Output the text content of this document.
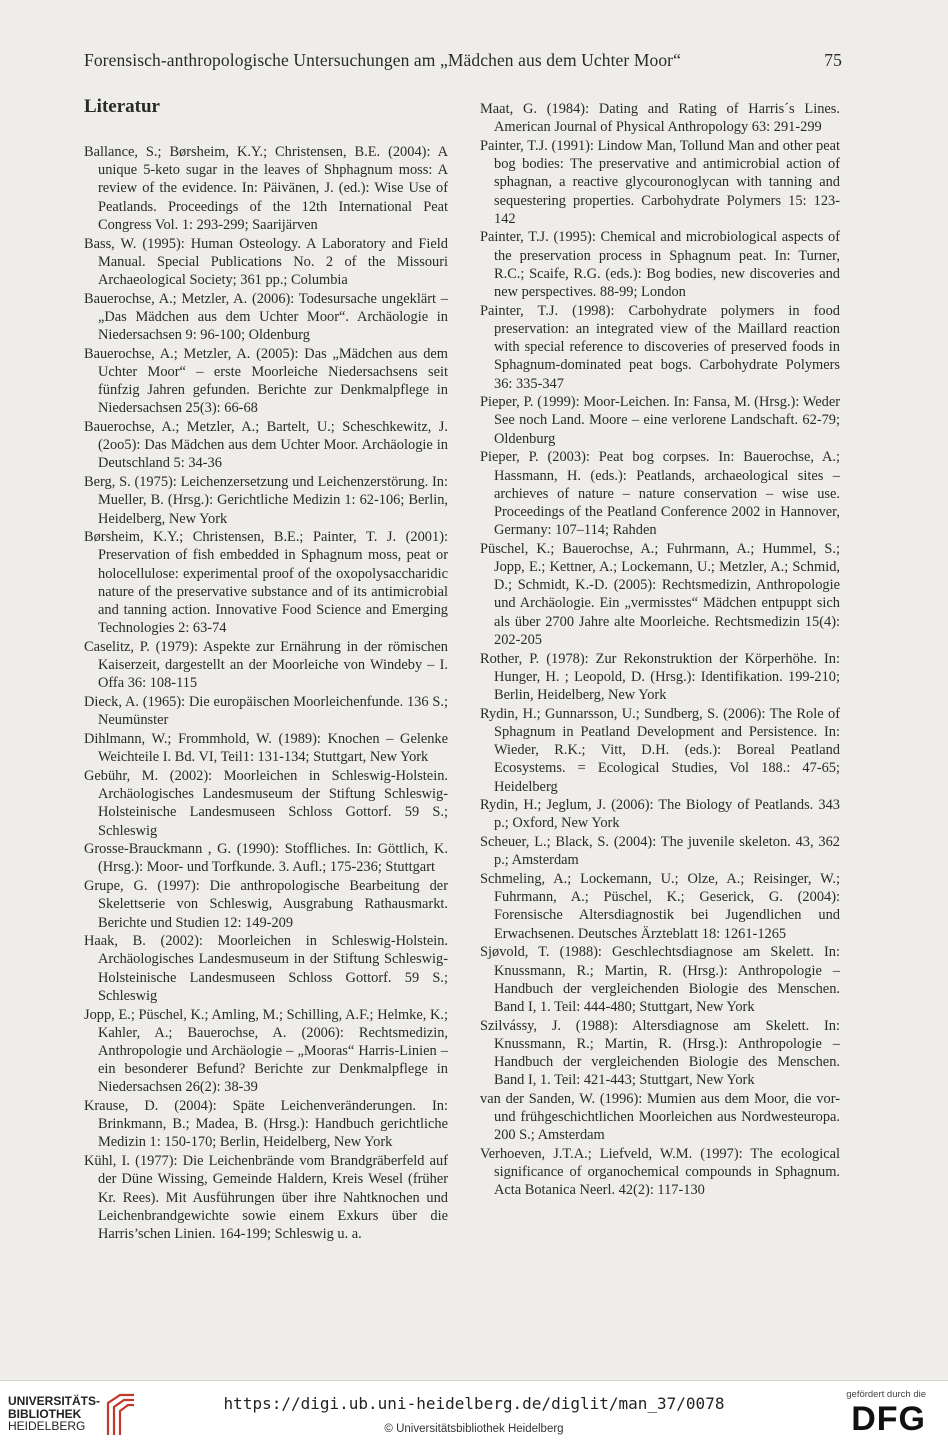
Forensisch-anthropologische Untersuchungen am „Mädchen aus dem Uchter Moor“	75
Literatur

Ballance, S.; Børsheim, K.Y.; Christensen, B.E. (2004): A unique 5-keto sugar in the leaves of Shphagnum moss: A review of the evidence. In: Päivänen, J. (ed.): Wise Use of Peatlands. Proceedings of the 12th International Peat Congress Vol. 1: 293-299; Saarijärven

Bass, W. (1995): Human Osteology. A Laboratory and Field Manual. Special Publications No. 2 of the Missouri Archaeological Society; 361 pp.; Columbia

Bauerochse, A.; Metzler, A. (2006): Todesursache ungeklärt – „Das Mädchen aus dem Uchter Moor“. Archäologie in Niedersachsen 9: 96-100; Oldenburg

Bauerochse, A.; Metzler, A. (2005): Das „Mädchen aus dem Uchter Moor“ – erste Moorleiche Niedersachsens seit fünfzig Jahren gefunden. Berichte zur Denkmalpflege in Niedersachsen 25(3): 66-68

Bauerochse, A.; Metzler, A.; Bartelt, U.; Scheschkewitz, J. (2oo5): Das Mädchen aus dem Uchter Moor. Archäologie in Deutschland 5: 34-36

Berg, S. (1975): Leichenzersetzung und Leichenzerstörung. In: Mueller, B. (Hrsg.): Gerichtliche Medizin 1: 62-106; Berlin, Heidelberg, New York

Børsheim, K.Y.; Christensen, B.E.; Painter, T. J. (2001): Preservation of fish embedded in Sphagnum moss, peat or holocellulose: experimental proof of the oxopolysaccharidic nature of the preservative substance and of its antimicrobial and tanning action. Innovative Food Science and Emerging Technologies 2: 63-74

Caselitz, P. (1979): Aspekte zur Ernährung in der römischen Kaiserzeit, dargestellt an der Moorleiche von Windeby – I. Offa 36: 108-115

Dieck, A. (1965): Die europäischen Moorleichenfunde. 136 S.; Neumünster

Dihlmann, W.; Frommhold, W. (1989): Knochen – Gelenke Weichteile I. Bd. VI, Teil1: 131-134; Stuttgart, New York

Gebühr, M. (2002): Moorleichen in Schleswig-Holstein. Archäologisches Landesmuseum der Stiftung Schleswig-Holsteinische Landesmuseen Schloss Gottorf. 59 S.; Schleswig

Grosse-Brauckmann , G. (1990): Stoffliches. In: Göttlich, K. (Hrsg.): Moor- und Torfkunde. 3. Aufl.; 175-236; Stuttgart

Grupe, G. (1997): Die anthropologische Bearbeitung der Skelettserie von Schleswig, Ausgrabung Rathausmarkt. Berichte und Studien 12: 149-209

Haak, B. (2002): Moorleichen in Schleswig-Holstein. Archäologisches Landesmuseum in der Stiftung Schleswig-Holsteinische Landesmuseen Schloss Gottorf. 59 S.; Schleswig

Jopp, E.; Püschel, K.; Amling, M.; Schilling, A.F.; Helmke, K.; Kahler, A.; Bauerochse, A. (2006): Rechtsmedizin, Anthropologie und Archäologie – „Mooras“ Harris-Linien – ein besonderer Befund? Berichte zur Denkmalpflege in Niedersachsen 26(2): 38-39

Krause, D. (2004): Späte Leichenveränderungen. In: Brinkmann, B.; Madea, B. (Hrsg.): Handbuch gerichtliche Medizin 1: 150-170; Berlin, Heidelberg, New York

Kühl, I. (1977): Die Leichenbrände vom Brandgräberfeld auf der Düne Wissing, Gemeinde Haldern, Kreis Wesel (früher Kr. Rees). Mit Ausführungen über ihre Nahtknochen und Leichenbrandgewichte sowie einem Exkurs über die Harris’schen Linien. 164-199; Schleswig u. a.

Maat, G. (1984): Dating and Rating of Harris´s Lines. American Journal of Physical Anthropology 63: 291-299

Painter, T.J. (1991): Lindow Man, Tollund Man and other peat bog bodies: The preservative and antimicrobial action of sphagnan, a reactive glycouronoglycan with tanning and sequestering properties. Carbohydrate Polymers 15: 123-142

Painter, T.J. (1995): Chemical and microbiological aspects of the preservation process in Sphagnum peat. In: Turner, R.C.; Scaife, R.G. (eds.): Bog bodies, new discoveries and new perspectives. 88-99; London

Painter, T.J. (1998): Carbohydrate polymers in food preservation: an integrated view of the Maillard reaction with special reference to discoveries of preserved foods in Sphagnum-dominated peat bogs. Carbohydrate Polymers 36: 335-347

Pieper, P. (1999): Moor-Leichen. In: Fansa, M. (Hrsg.): Weder See noch Land. Moore – eine verlorene Landschaft. 62-79; Oldenburg

Pieper, P. (2003): Peat bog corpses. In: Bauerochse, A.; Hassmann, H. (eds.): Peatlands, archaeological sites – archieves of nature – nature conservation – wise use. Proceedings of the Peatland Conference 2002 in Hannover, Germany: 107–114; Rahden

Püschel, K.; Bauerochse, A.; Fuhrmann, A.; Hummel, S.; Jopp, E.; Kettner, A.; Lockemann, U.; Metzler, A.; Schmid, D.; Schmidt, K.-D. (2005): Rechtsmedizin, Anthropologie und Archäologie. Ein „vermisstes“ Mädchen entpuppt sich als über 2700 Jahre alte Moorleiche. Rechtsmedizin 15(4): 202-205

Rother, P. (1978): Zur Rekonstruktion der Körperhöhe. In: Hunger, H. ; Leopold, D. (Hrsg.): Identifikation. 199-210; Berlin, Heidelberg, New York

Rydin, H.; Gunnarsson, U.; Sundberg, S. (2006): The Role of Sphagnum in Peatland Development and Persistence. In: Wieder, R.K.; Vitt, D.H. (eds.): Boreal Peatland Ecosystems. = Ecological Studies, Vol 188.: 47-65; Heidelberg

Rydin, H.; Jeglum, J. (2006): The Biology of Peatlands. 343 p.; Oxford, New York

Scheuer, L.; Black, S. (2004): The juvenile skeleton. 43, 362 p.; Amsterdam

Schmeling, A.; Lockemann, U.; Olze, A.; Reisinger, W.; Fuhrmann, A.; Püschel, K.; Geserick, G. (2004): Forensische Altersdiagnostik bei Jugendlichen und Erwachsenen. Deutsches Ärzteblatt 18: 1261-1265

Sjøvold, T. (1988): Geschlechtsdiagnose am Skelett. In: Knussmann, R.; Martin, R. (Hrsg.): Anthropologie – Handbuch der vergleichenden Biologie des Menschen. Band I, 1. Teil: 444-480; Stuttgart, New York

Szilvássy, J. (1988): Altersdiagnose am Skelett. In: Knussmann, R.; Martin, R. (Hrsg.): Anthropologie – Handbuch der vergleichenden Biologie des Menschen. Band I, 1. Teil: 421-443; Stuttgart, New York

van der Sanden, W. (1996): Mumien aus dem Moor, die vor- und frühgeschichtlichen Moorleichen aus Nordwesteuropa. 200 S.; Amsterdam

Verhoeven, J.T.A.; Liefveld, W.M. (1997): The ecological significance of organochemical compounds in Sphagnum. Acta Botanica Neerl. 42(2): 117-130

UNIVERSITÄTS-
BIBLIOTHEK
HEIDELBERG
https://digi.ub.uni-heidelberg.de/diglit/man_37/0078
© Universitätsbibliothek Heidelberg
gefördert durch die
DFG
